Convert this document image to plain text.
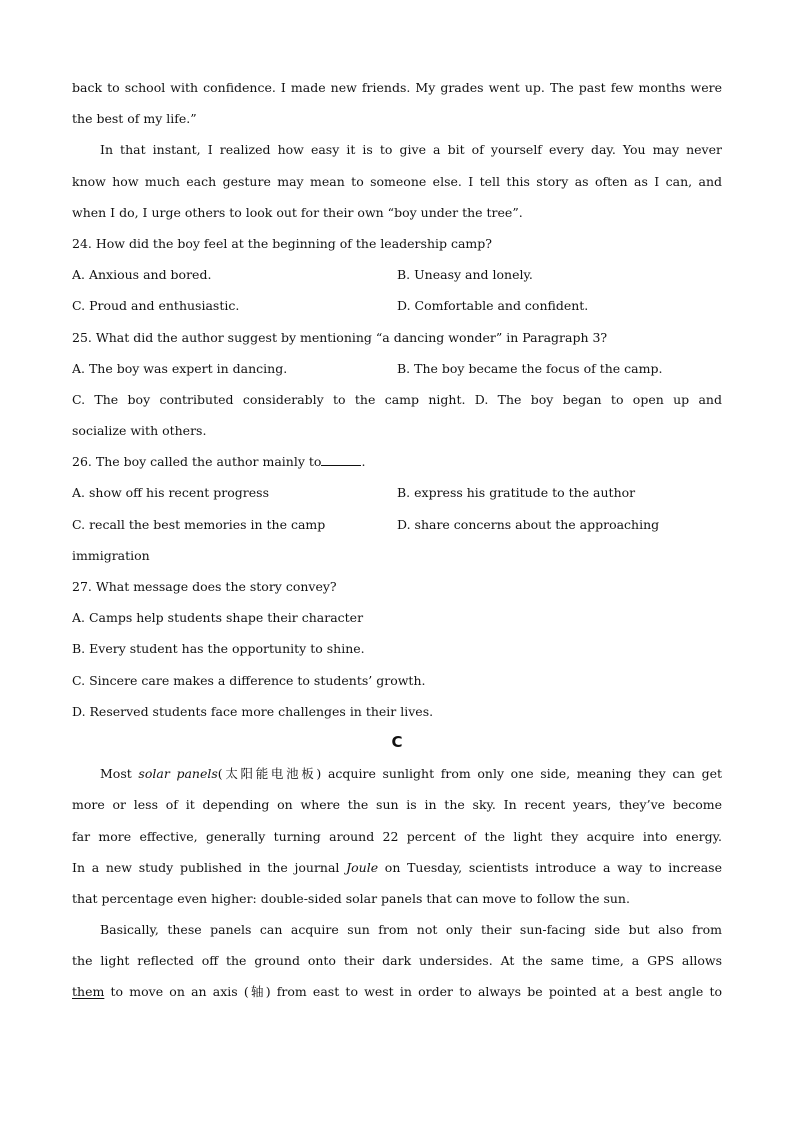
back to school with confidence. I made new friends. My grades went up. The past few months were
the best of my life.”
In that instant, I realized how easy it is to give a bit of yourself every day. You may never
know how much each gesture may mean to someone else. I tell this story as often as I can, and
when I do, I urge others to look out for their own “boy under the tree”.
24. How did the boy feel at the beginning of the leadership camp?
A. Anxious and bored.	B. Uneasy and lonely.
C. Proud and enthusiastic.	D. Comfortable and confident.
25. What did the author suggest by mentioning “a dancing wonder” in Paragraph 3?
A. The boy was expert in dancing.	B. The boy became the focus of the camp.
C. The boy contributed considerably to the camp night. D. The boy began to open up and
socialize with others.
26. The boy called the author mainly to	.
A. show off his recent progress	B. express his gratitude to the author
C. recall the best memories in the camp	D. share concerns about the approaching
immigration
27. What message does the story convey?
A. Camps help students shape their character
B. Every student has the opportunity to shine.
C. Sincere care makes a difference to students’ growth.
D. Reserved students face more challenges in their lives.
C
Most solar panels(太阳能电池板) acquire sunlight from only one side, meaning they can get
more or less of it depending on where the sun is in the sky. In recent years, they’ve become
far more effective, generally turning around 22 percent of the light they acquire into energy.
In a new study published in the journal Joule on Tuesday, scientists introduce a way to increase
that percentage even higher: double-sided solar panels that can move to follow the sun.
Basically, these panels can acquire sun from not only their sun-facing side but also from
the light reflected off the ground onto their dark undersides. At the same time, a GPS allows
them to move on an axis (轴) from east to west in order to always be pointed at a best angle to
